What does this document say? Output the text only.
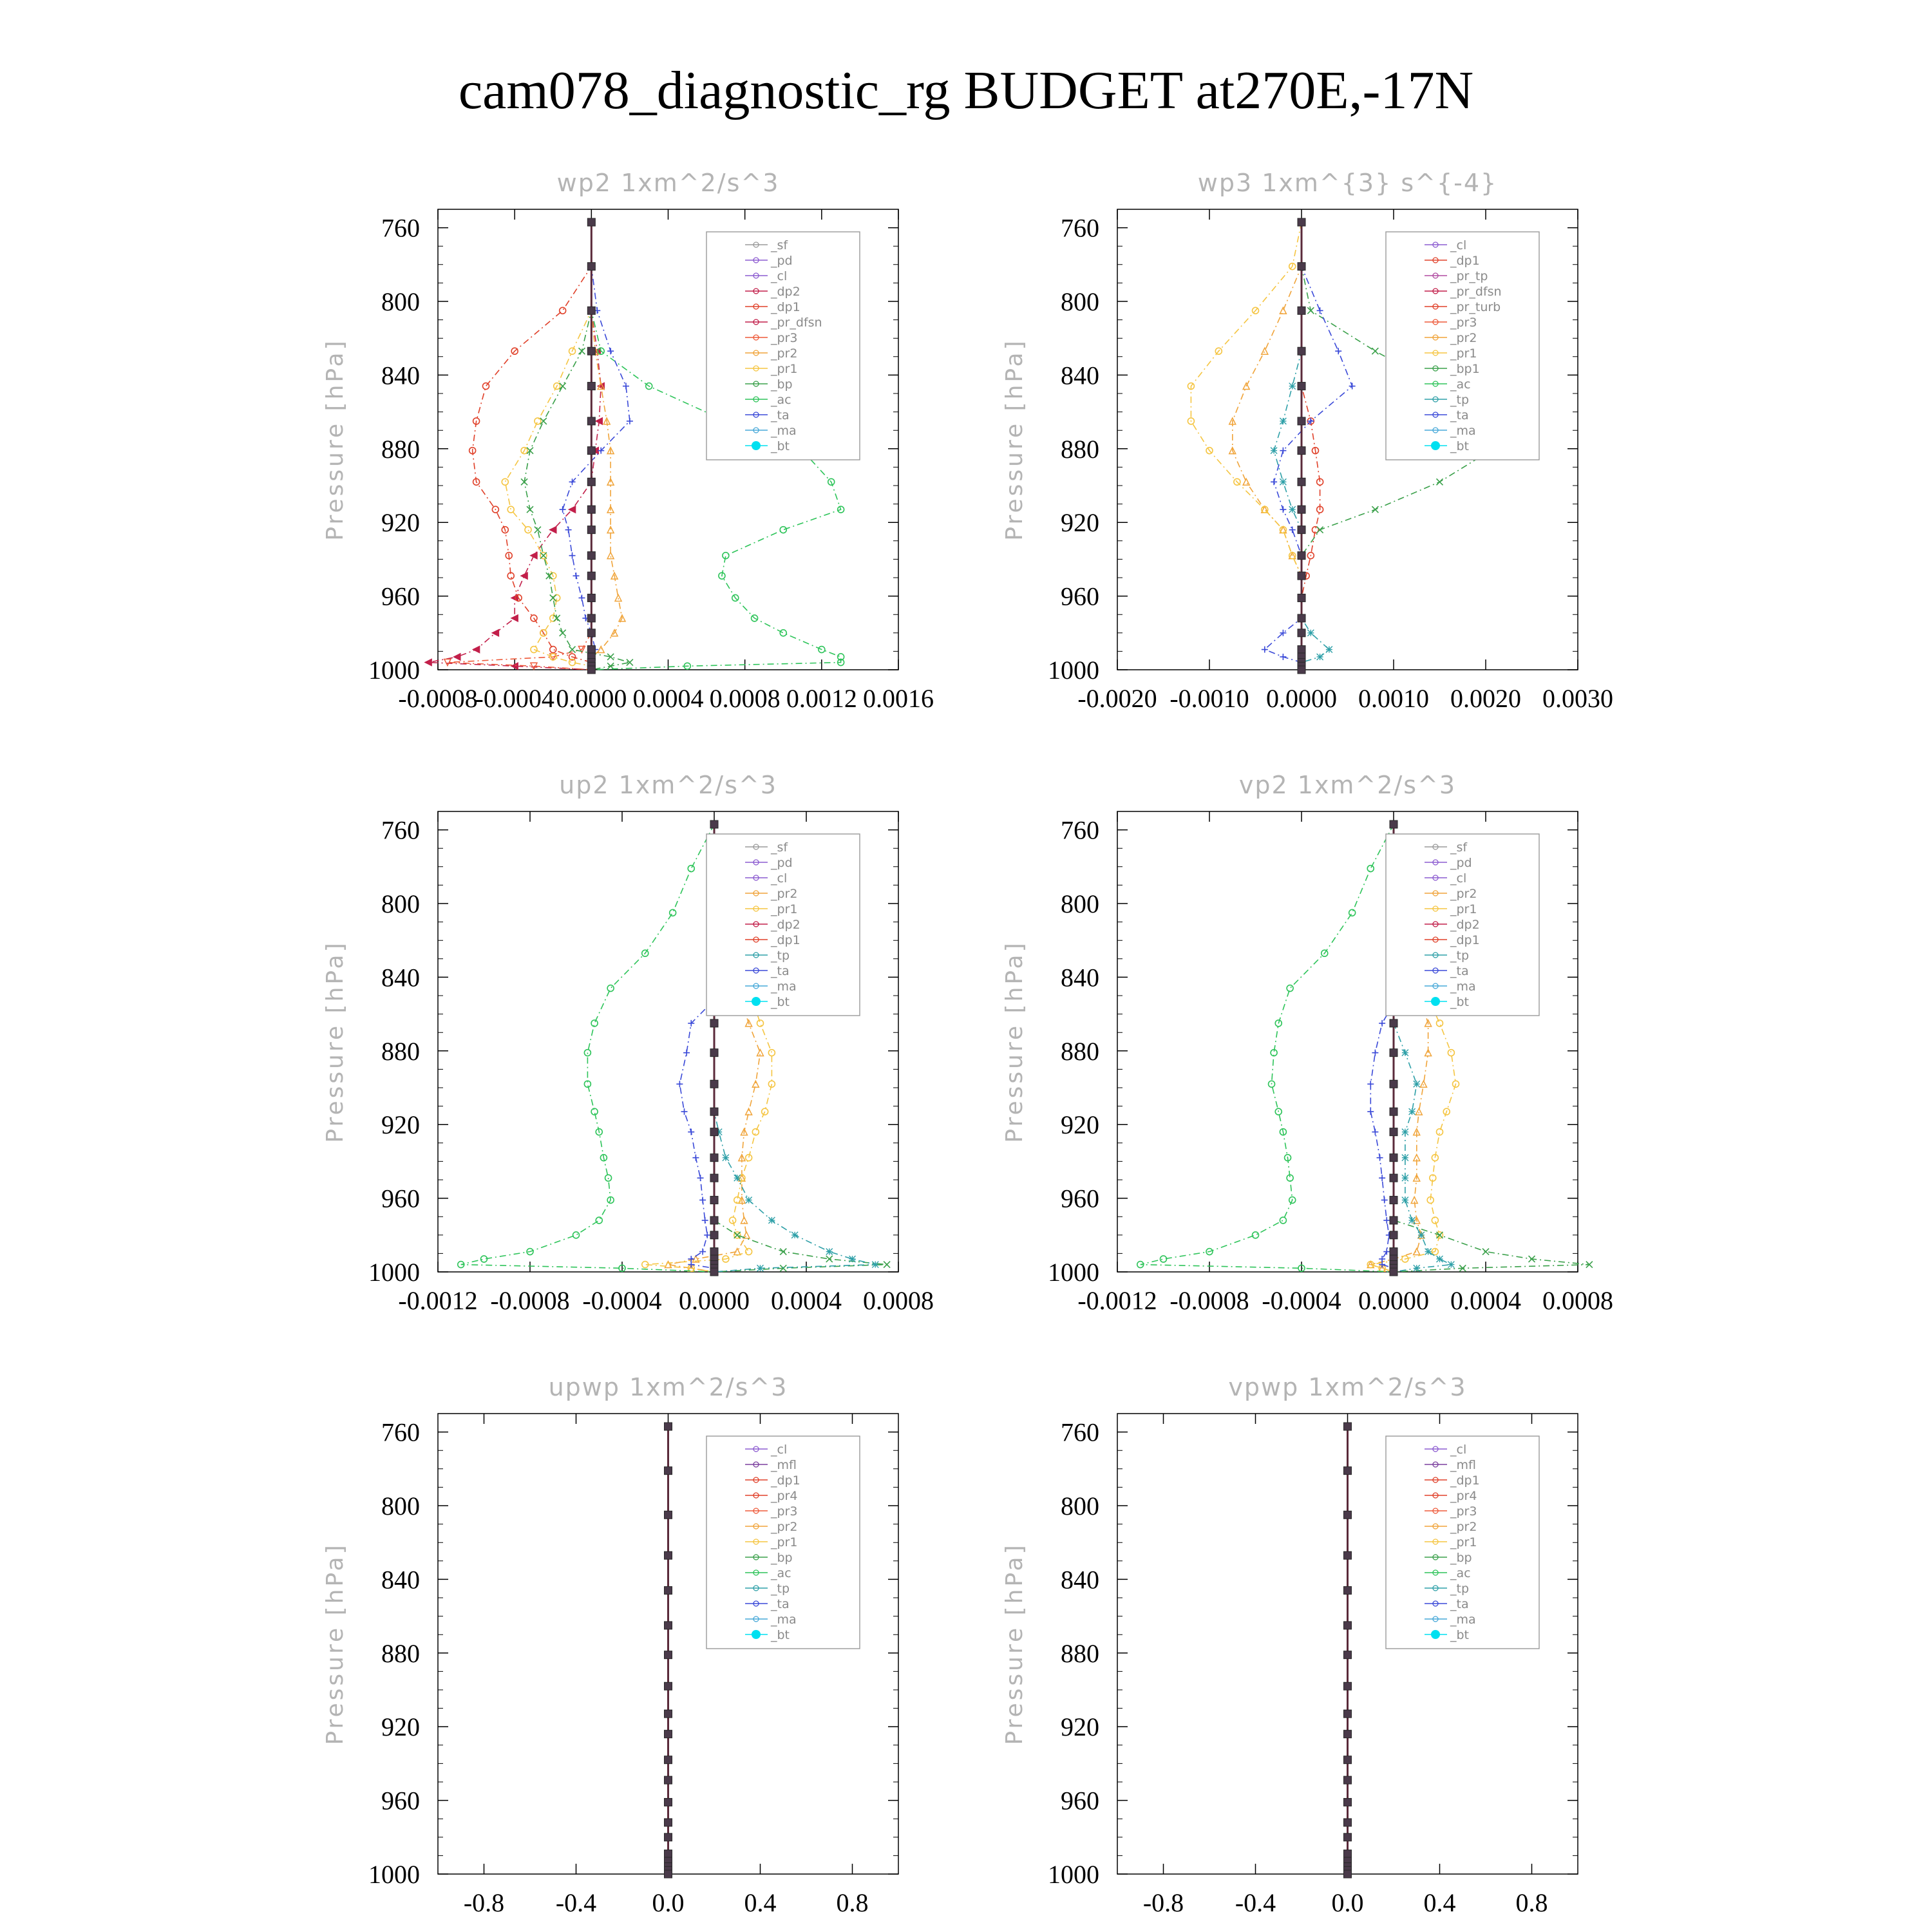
cam078_diagnostic_rg BUDGET at270E,-17N
wp2 1xm^2/s^3
Pressure [hPa]
760
800
840
880
920
960
1000
-0.0008
-0.0004 0.0000 0.0004 0.0008 0.0012 0.0016
_sf
_pd
_cl
_dp2
_dp1
_pr_dfsn
_pr3
_pr2
_pr1
_bp
_ac
_ta
_ma
_bt
wp3 1xm^{3} s^{-4}
Pressure [hPa]
760
800
840
880
920
960
1000
-0.0020 -0.0010 0.0000 0.0010 0.0020 0.0030
_cl
_dp1
_pr_tp
_pr_dfsn
_pr_turb
_pr3
_pr2
_pr1
_bp1
_ac
_tp
_ta
_ma
_bt
up2 1xm^2/s^3
Pressure [hPa]
760
800
840
880
920
960
1000
-0.0012 -0.0008 -0.0004 0.0000 0.0004 0.0008
_sf
_pd
_cl
_pr2
_pr1
_dp2
_dp1
_tp
_ta
_ma
_bt
vp2 1xm^2/s^3
Pressure [hPa]
760
800
840
880
920
960
1000
-0.0012 -0.0008 -0.0004 0.0000 0.0004 0.0008
_sf
_pd
_cl
_pr2
_pr1
_dp2
_dp1
_tp
_ta
_ma
_bt
upwp 1xm^2/s^3
Pressure [hPa]
760
800
840
880
920
960
1000
-0.8 -0.4 0.0 0.4 0.8
_cl
_mfl
_dp1
_pr4
_pr3
_pr2
_pr1
_bp
_ac
_tp
_ta
_ma
_bt
vpwp 1xm^2/s^3
Pressure [hPa]
760
800
840
880
920
960
1000
-0.8 -0.4 0.0 0.4 0.8
_cl
_mfl
_dp1
_pr4
_pr3
_pr2
_pr1
_bp
_ac
_tp
_ta
_ma
_bt
